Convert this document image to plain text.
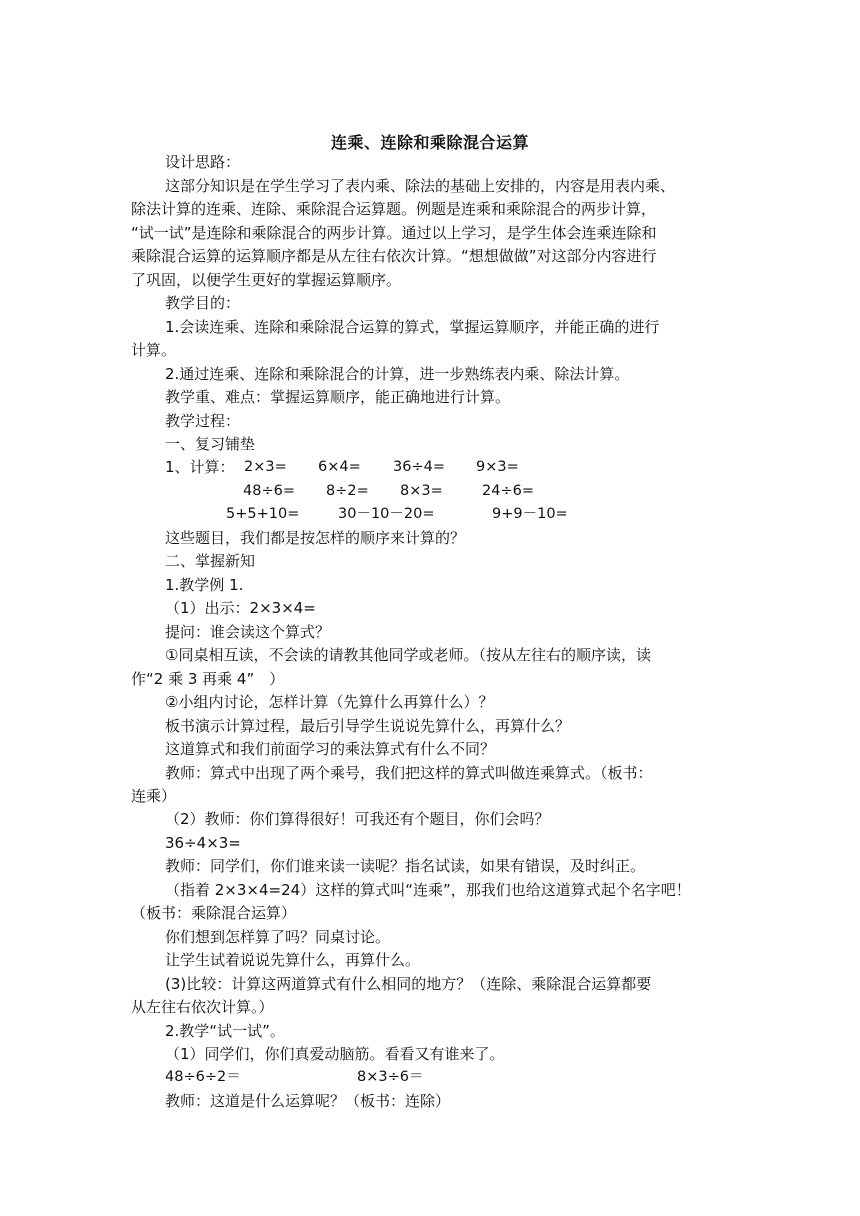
连乘、连除和乘除混合运算
设计思路：
这部分知识是在学生学习了表内乘、除法的基础上安排的，内容是用表内乘、
除法计算的连乘、连除、乘除混合运算题。例题是连乘和乘除混合的两步计算，
“试一试”是连除和乘除混合的两步计算。通过以上学习，是学生体会连乘连除和
乘除混合运算的运算顺序都是从左往右依次计算。“想想做做”对这部分内容进行
了巩固，以便学生更好的掌握运算顺序。
教学目的：
1.会读连乘、连除和乘除混合运算的算式，掌握运算顺序，并能正确的进行
计算。
2.通过连乘、连除和乘除混合的计算，进一步熟练表内乘、除法计算。
教学重、难点：掌握运算顺序，能正确地进行计算。
教学过程：
一、复习铺垫
1、计算： 2×3= 6×4= 36÷4= 9×3=
48÷6= 8÷2= 8×3=	24÷6=
5+5+10=	30－10－20=	9+9－10=
这些题目，我们都是按怎样的顺序来计算的？
二、掌握新知
1.教学例 1.
（1）出示：2×3×4=
提问：谁会读这个算式？
①同桌相互读，不会读的请教其他同学或老师。（按从左往右的顺序读，读
作“2 乘 3 再乘 4”　）
②小组内讨论，怎样计算（先算什么再算什么）？
板书演示计算过程，最后引导学生说说先算什么，再算什么？
这道算式和我们前面学习的乘法算式有什么不同？
教师：算式中出现了两个乘号，我们把这样的算式叫做连乘算式。（板书：
连乘）
（2）教师：你们算得很好！可我还有个题目，你们会吗？
36÷4×3=
教师：同学们，你们谁来读一读呢？指名试读，如果有错误，及时纠正。
（指着 2×3×4=24）这样的算式叫“连乘”，那我们也给这道算式起个名字吧！
（板书：乘除混合运算）
你们想到怎样算了吗？同桌讨论。
让学生试着说说先算什么，再算什么。
(3)比较：计算这两道算式有什么相同的地方？（连除、乘除混合运算都要
从左往右依次计算。）
2.教学“试一试”。
（1）同学们，你们真爱动脑筋。看看又有谁来了。
48÷6÷2＝	8×3÷6＝
教师：这道是什么运算呢？（板书：连除）
